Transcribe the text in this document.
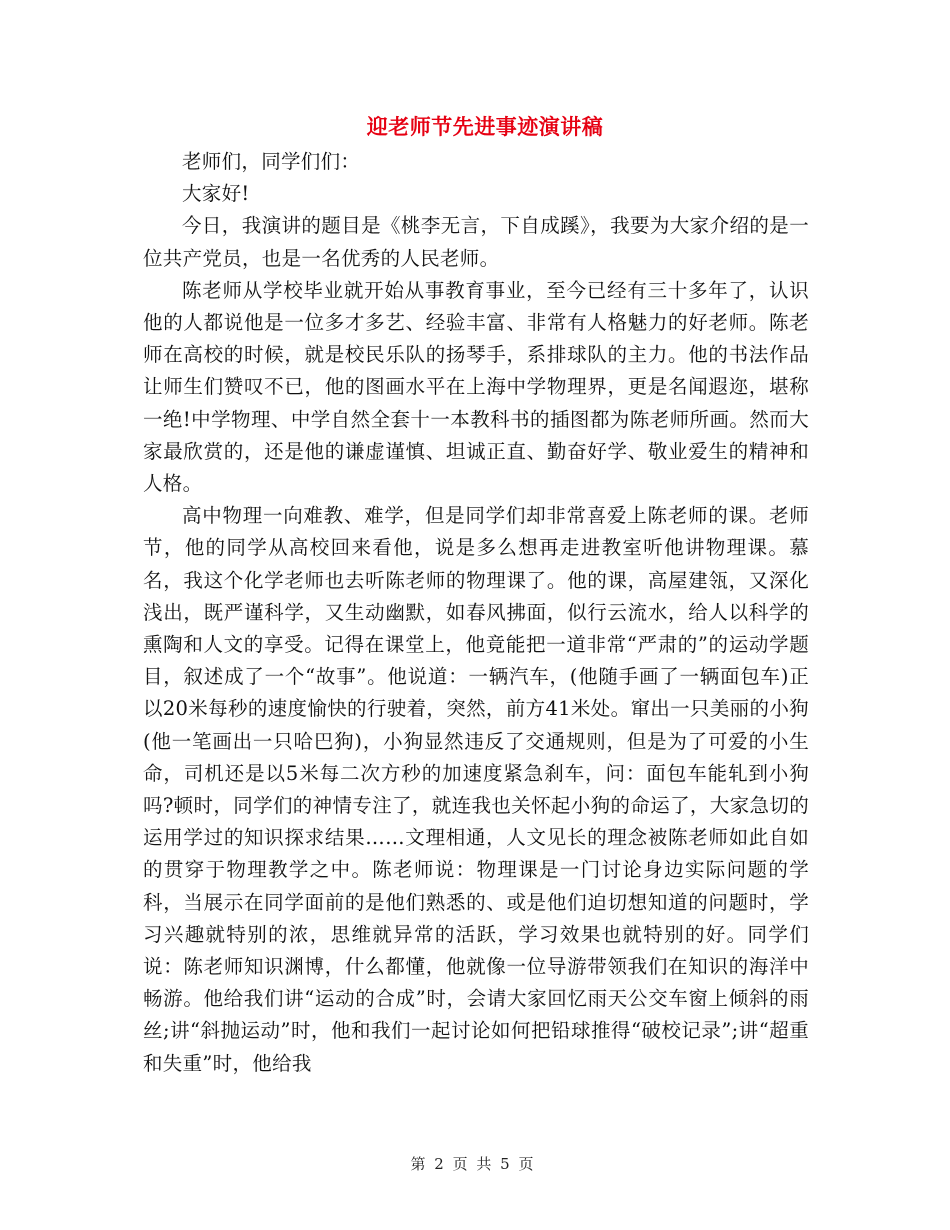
迎老师节先进事迹演讲稿

老师们，同学们们：

大家好!

今日，我演讲的题目是《桃李无言，下自成蹊》，我要为大家介绍的是一位共产党员，也是一名优秀的人民老师。

陈老师从学校毕业就开始从事教育事业，至今已经有三十多年了，认识他的人都说他是一位多才多艺、经验丰富、非常有人格魅力的好老师。陈老师在高校的时候，就是校民乐队的扬琴手，系排球队的主力。他的书法作品让师生们赞叹不已，他的图画水平在上海中学物理界，更是名闻遐迩，堪称一绝!中学物理、中学自然全套十一本教科书的插图都为陈老师所画。然而大家最欣赏的，还是他的谦虚谨慎、坦诚正直、勤奋好学、敬业爱生的精神和人格。

高中物理一向难教、难学，但是同学们却非常喜爱上陈老师的课。老师节，他的同学从高校回来看他，说是多么想再走进教室听他讲物理课。慕名，我这个化学老师也去听陈老师的物理课了。他的课，高屋建瓴，又深化浅出，既严谨科学，又生动幽默，如春风拂面，似行云流水，给人以科学的熏陶和人文的享受。记得在课堂上，他竟能把一道非常“严肃的”的运动学题目，叙述成了一个“故事”。他说道：一辆汽车，(他随手画了一辆面包车)正以20米每秒的速度愉快的行驶着，突然，前方41米处。窜出一只美丽的小狗(他一笔画出一只哈巴狗)，小狗显然违反了交通规则，但是为了可爱的小生命，司机还是以5米每二次方秒的加速度紧急刹车，问：面包车能轧到小狗吗?顿时，同学们的神情专注了，就连我也关怀起小狗的命运了，大家急切的运用学过的知识探求结果……文理相通，人文见长的理念被陈老师如此自如的贯穿于物理教学之中。陈老师说：物理课是一门讨论身边实际问题的学科，当展示在同学面前的是他们熟悉的、或是他们迫切想知道的问题时，学习兴趣就特别的浓，思维就异常的活跃，学习效果也就特别的好。同学们说：陈老师知识渊博，什么都懂，他就像一位导游带领我们在知识的海洋中畅游。他给我们讲“运动的合成”时，会请大家回忆雨天公交车窗上倾斜的雨丝;讲“斜抛运动”时，他和我们一起讨论如何把铅球推得“破校记录”;讲“超重和失重”时，他给我

第 2 页 共 5 页
